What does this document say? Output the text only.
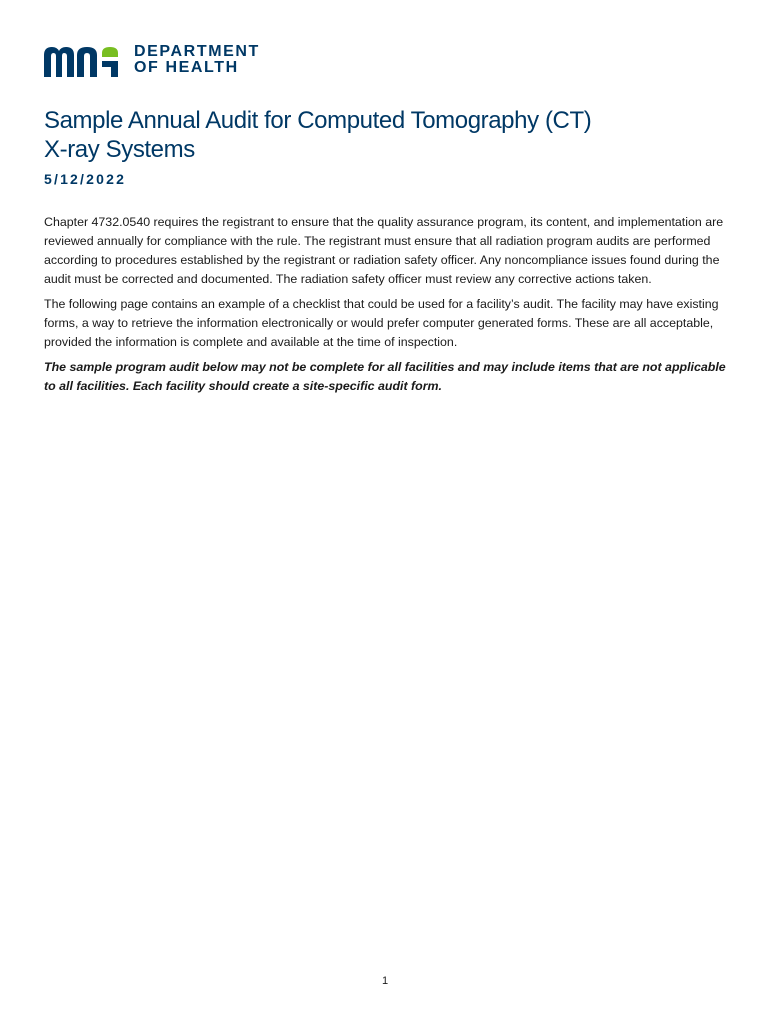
DEPARTMENT
OF HEALTH
Sample Annual Audit for Computed Tomography (CT)
X-ray Systems
5/12/2022

Chapter 4732.0540 requires the registrant to ensure that the quality assurance program, its content, and implementation are reviewed annually for compliance with the rule. The registrant must ensure that all radiation program audits are performed according to procedures established by the registrant or radiation safety officer. Any noncompliance issues found during the audit must be corrected and documented. The radiation safety officer must review any corrective actions taken.

The following page contains an example of a checklist that could be used for a facility’s audit. The facility may have existing forms, a way to retrieve the information electronically or would prefer computer generated forms. These are all acceptable, provided the information is complete and available at the time of inspection.

The sample program audit below may not be complete for all facilities and may include items that are not applicable to all facilities. Each facility should create a site-specific audit form.

1
